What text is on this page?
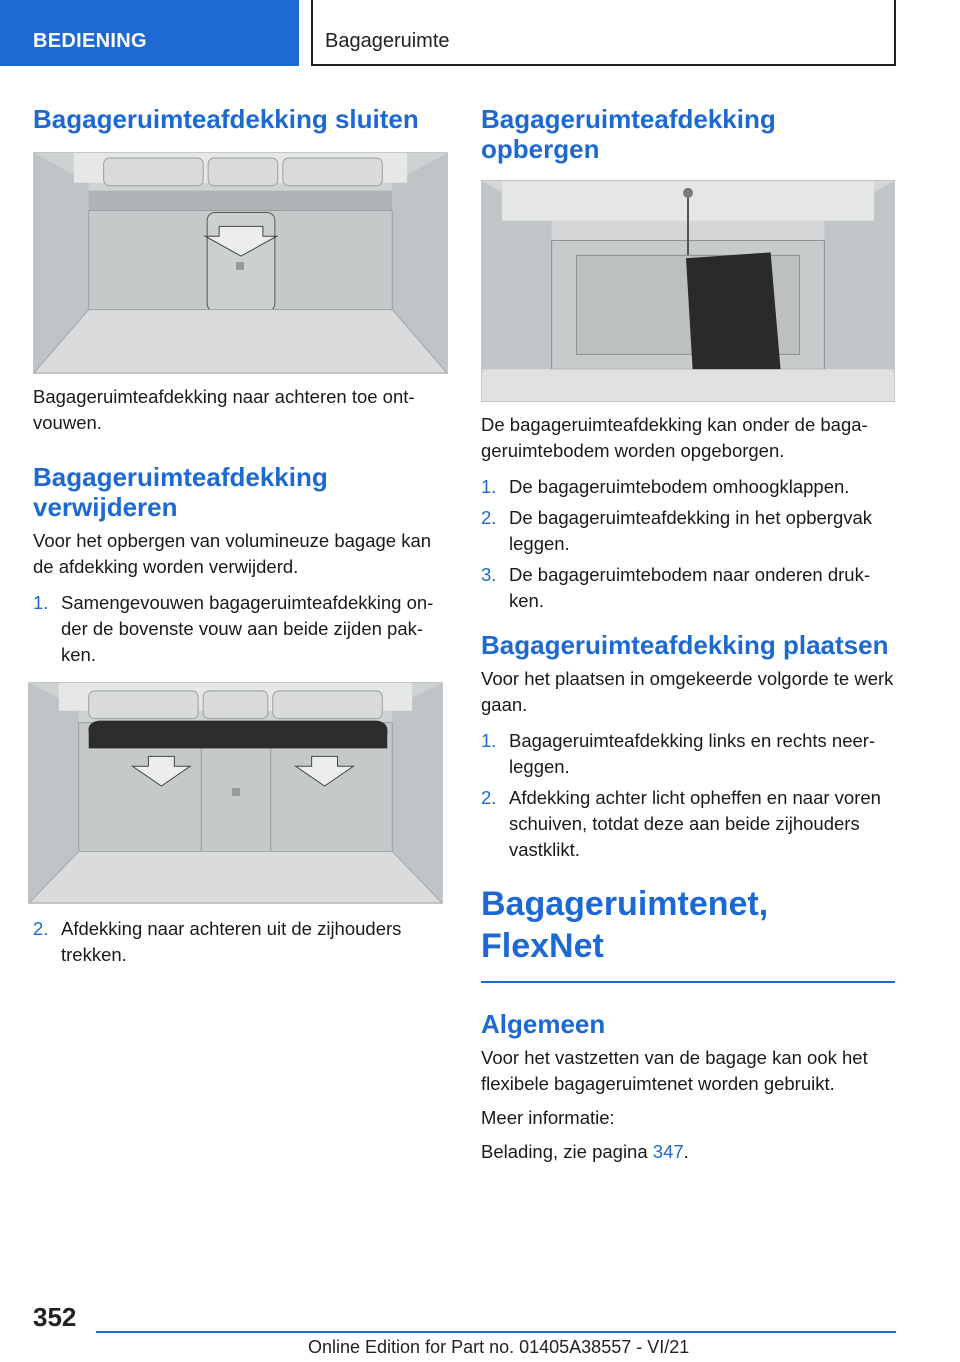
BEDIENING	Bagageruimte
Bagageruimteafdekking sluiten

Bagageruimteafdekking naar achteren toe ont-vouwen.

Bagageruimteafdekking verwijderen

Voor het opbergen van volumineuze bagage kan de afdekking worden verwijderd.

1. Samengevouwen bagageruimteafdekking on-der de bovenste vouw aan beide zijden pak-ken.
2. Afdekking naar achteren uit de zijhouders trekken.
Bagageruimteafdekking opbergen

De bagageruimteafdekking kan onder de baga-geruimtebodem worden opgeborgen.

1. De bagageruimtebodem omhoogklappen.
2. De bagageruimteafdekking in het opbergvak leggen.
3. De bagageruimtebodem naar onderen druk-ken.
Bagageruimteafdekking plaatsen

Voor het plaatsen in omgekeerde volgorde te werk gaan.

1. Bagageruimteafdekking links en rechts neer-leggen.
2. Afdekking achter licht opheffen en naar voren schuiven, totdat deze aan beide zijhouders vastklikt.
Bagageruimtenet, FlexNet
Algemeen

Voor het vastzetten van de bagage kan ook het flexibele bagageruimtenet worden gebruikt.

Meer informatie:

Belading, zie pagina 347.

352
Online Edition for Part no. 01405A38557 - VI/21
